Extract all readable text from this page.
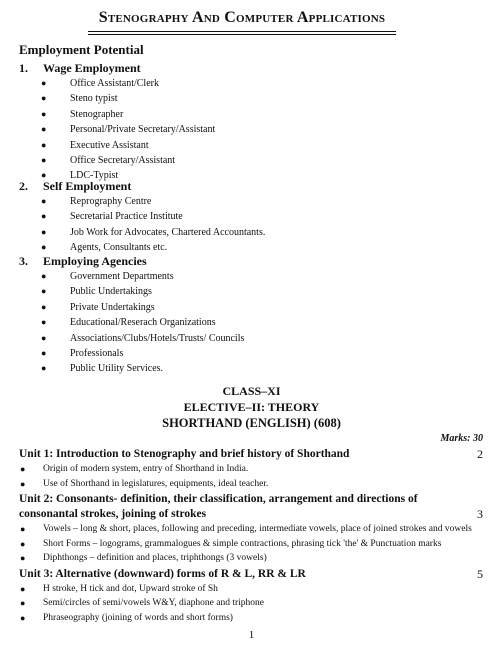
Stenography And Computer Applications
Employment Potential
1. Wage Employment
● Office Assistant/Clerk
● Steno typist
● Stenographer
● Personal/Private Secretary/Assistant
● Executive Assistant
● Office Secretary/Assistant
● LDC-Typist
2. Self Employment
● Reprography Centre
● Secretarial Practice Institute
● Job Work for Advocates, Chartered Accountants.
● Agents, Consultants etc.
3. Employing Agencies
● Government Departments
● Public Undertakings
● Private Undertakings
● Educational/Reserach Organizations
● Associations/Clubs/Hotels/Trusts/ Councils
● Professionals
● Public Utility Services.
CLASS–XI
ELECTIVE–II: THEORY
SHORTHAND (ENGLISH) (608)
Marks: 30
Unit 1: Introduction to Stenography and brief history of Shorthand	2
● Origin of modern system, entry of Shorthand in India.
● Use of Shorthand in legislatures, equipments, ideal teacher.
Unit 2: Consonants- definition, their classification, arrangement and directions of consonantal strokes, joining of strokes	3
● Vowels – long & short, places, following and preceding, intermediate vowels, place of joined strokes and vowels
● Short Forms – logograms, grammalogues & simple contractions, phrasing tick 'the' & Punctuation marks
● Diphthongs – definition and places, triphthongs (3 vowels)
Unit 3: Alternative (downward) forms of R & L, RR & LR	5
● H stroke, H tick and dot, Upward stroke of Sh
● Semi/circles of semi/vowels W&Y, diaphone and triphone
● Phraseography (joining of words and short forms)
1
